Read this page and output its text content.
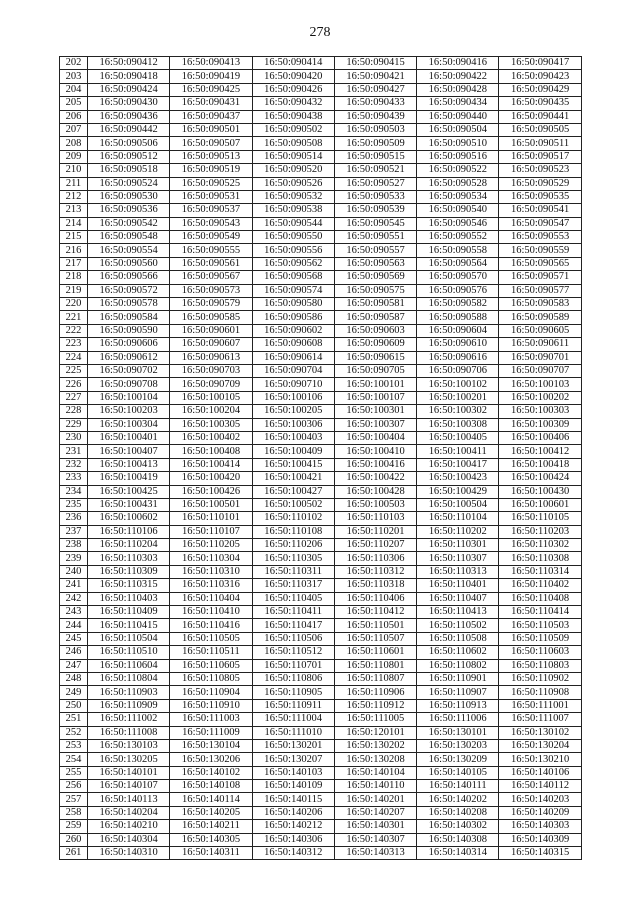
278
202	16:50:090412	16:50:090413	16:50:090414	16:50:090415	16:50:090416	16:50:090417
203	16:50:090418	16:50:090419	16:50:090420	16:50:090421	16:50:090422	16:50:090423
204	16:50:090424	16:50:090425	16:50:090426	16:50:090427	16:50:090428	16:50:090429
205	16:50:090430	16:50:090431	16:50:090432	16:50:090433	16:50:090434	16:50:090435
206	16:50:090436	16:50:090437	16:50:090438	16:50:090439	16:50:090440	16:50:090441
207	16:50:090442	16:50:090501	16:50:090502	16:50:090503	16:50:090504	16:50:090505
208	16:50:090506	16:50:090507	16:50:090508	16:50:090509	16:50:090510	16:50:090511
209	16:50:090512	16:50:090513	16:50:090514	16:50:090515	16:50:090516	16:50:090517
210	16:50:090518	16:50:090519	16:50:090520	16:50:090521	16:50:090522	16:50:090523
211	16:50:090524	16:50:090525	16:50:090526	16:50:090527	16:50:090528	16:50:090529
212	16:50:090530	16:50:090531	16:50:090532	16:50:090533	16:50:090534	16:50:090535
213	16:50:090536	16:50:090537	16:50:090538	16:50:090539	16:50:090540	16:50:090541
214	16:50:090542	16:50:090543	16:50:090544	16:50:090545	16:50:090546	16:50:090547
215	16:50:090548	16:50:090549	16:50:090550	16:50:090551	16:50:090552	16:50:090553
216	16:50:090554	16:50:090555	16:50:090556	16:50:090557	16:50:090558	16:50:090559
217	16:50:090560	16:50:090561	16:50:090562	16:50:090563	16:50:090564	16:50:090565
218	16:50:090566	16:50:090567	16:50:090568	16:50:090569	16:50:090570	16:50:090571
219	16:50:090572	16:50:090573	16:50:090574	16:50:090575	16:50:090576	16:50:090577
220	16:50:090578	16:50:090579	16:50:090580	16:50:090581	16:50:090582	16:50:090583
221	16:50:090584	16:50:090585	16:50:090586	16:50:090587	16:50:090588	16:50:090589
222	16:50:090590	16:50:090601	16:50:090602	16:50:090603	16:50:090604	16:50:090605
223	16:50:090606	16:50:090607	16:50:090608	16:50:090609	16:50:090610	16:50:090611
224	16:50:090612	16:50:090613	16:50:090614	16:50:090615	16:50:090616	16:50:090701
225	16:50:090702	16:50:090703	16:50:090704	16:50:090705	16:50:090706	16:50:090707
226	16:50:090708	16:50:090709	16:50:090710	16:50:100101	16:50:100102	16:50:100103
227	16:50:100104	16:50:100105	16:50:100106	16:50:100107	16:50:100201	16:50:100202
228	16:50:100203	16:50:100204	16:50:100205	16:50:100301	16:50:100302	16:50:100303
229	16:50:100304	16:50:100305	16:50:100306	16:50:100307	16:50:100308	16:50:100309
230	16:50:100401	16:50:100402	16:50:100403	16:50:100404	16:50:100405	16:50:100406
231	16:50:100407	16:50:100408	16:50:100409	16:50:100410	16:50:100411	16:50:100412
232	16:50:100413	16:50:100414	16:50:100415	16:50:100416	16:50:100417	16:50:100418
233	16:50:100419	16:50:100420	16:50:100421	16:50:100422	16:50:100423	16:50:100424
234	16:50:100425	16:50:100426	16:50:100427	16:50:100428	16:50:100429	16:50:100430
235	16:50:100431	16:50:100501	16:50:100502	16:50:100503	16:50:100504	16:50:100601
236	16:50:100602	16:50:110101	16:50:110102	16:50:110103	16:50:110104	16:50:110105
237	16:50:110106	16:50:110107	16:50:110108	16:50:110201	16:50:110202	16:50:110203
238	16:50:110204	16:50:110205	16:50:110206	16:50:110207	16:50:110301	16:50:110302
239	16:50:110303	16:50:110304	16:50:110305	16:50:110306	16:50:110307	16:50:110308
240	16:50:110309	16:50:110310	16:50:110311	16:50:110312	16:50:110313	16:50:110314
241	16:50:110315	16:50:110316	16:50:110317	16:50:110318	16:50:110401	16:50:110402
242	16:50:110403	16:50:110404	16:50:110405	16:50:110406	16:50:110407	16:50:110408
243	16:50:110409	16:50:110410	16:50:110411	16:50:110412	16:50:110413	16:50:110414
244	16:50:110415	16:50:110416	16:50:110417	16:50:110501	16:50:110502	16:50:110503
245	16:50:110504	16:50:110505	16:50:110506	16:50:110507	16:50:110508	16:50:110509
246	16:50:110510	16:50:110511	16:50:110512	16:50:110601	16:50:110602	16:50:110603
247	16:50:110604	16:50:110605	16:50:110701	16:50:110801	16:50:110802	16:50:110803
248	16:50:110804	16:50:110805	16:50:110806	16:50:110807	16:50:110901	16:50:110902
249	16:50:110903	16:50:110904	16:50:110905	16:50:110906	16:50:110907	16:50:110908
250	16:50:110909	16:50:110910	16:50:110911	16:50:110912	16:50:110913	16:50:111001
251	16:50:111002	16:50:111003	16:50:111004	16:50:111005	16:50:111006	16:50:111007
252	16:50:111008	16:50:111009	16:50:111010	16:50:120101	16:50:130101	16:50:130102
253	16:50:130103	16:50:130104	16:50:130201	16:50:130202	16:50:130203	16:50:130204
254	16:50:130205	16:50:130206	16:50:130207	16:50:130208	16:50:130209	16:50:130210
255	16:50:140101	16:50:140102	16:50:140103	16:50:140104	16:50:140105	16:50:140106
256	16:50:140107	16:50:140108	16:50:140109	16:50:140110	16:50:140111	16:50:140112
257	16:50:140113	16:50:140114	16:50:140115	16:50:140201	16:50:140202	16:50:140203
258	16:50:140204	16:50:140205	16:50:140206	16:50:140207	16:50:140208	16:50:140209
259	16:50:140210	16:50:140211	16:50:140212	16:50:140301	16:50:140302	16:50:140303
260	16:50:140304	16:50:140305	16:50:140306	16:50:140307	16:50:140308	16:50:140309
261	16:50:140310	16:50:140311	16:50:140312	16:50:140313	16:50:140314	16:50:140315
